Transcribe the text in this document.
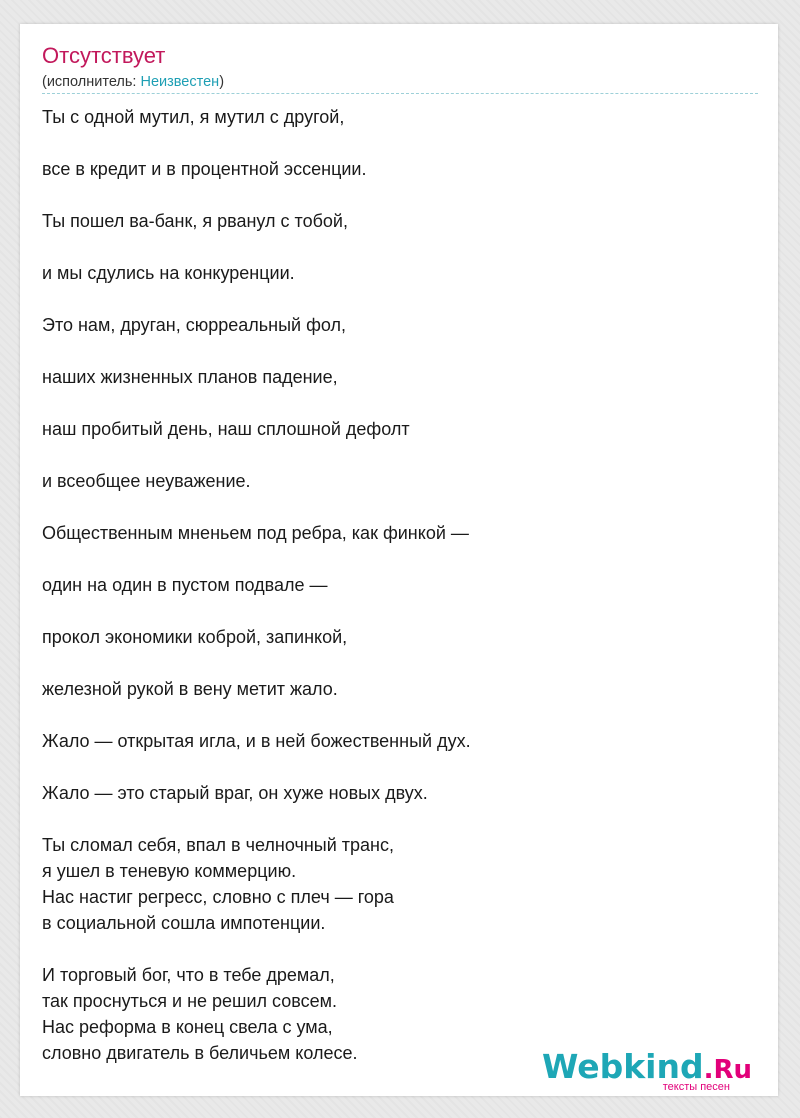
Отсутствует
(исполнитель: Неизвестен)
Ты с одной мутил, я мутил с другой,
все в кредит и в процентной эссенции.
Ты пошел ва-банк, я рванул с тобой,
и мы сдулись на конкуренции.
Это нам, друган, сюрреальный фол,
наших жизненных планов падение,
наш пробитый день, наш сплошной дефолт
и всеобщее неуважение.
Общественным мненьем под ребра, как финкой —
один на один в пустом подвале —
прокол экономики коброй, запинкой,
железной рукой в вену метит жало.
Жало — открытая игла, и в ней божественный дух.
Жало — это старый враг, он хуже новых двух.
Ты сломал себя, впал в челночный транс,
я ушел в теневую коммерцию.
Нас настиг регресс, словно с плеч — гора
в социальной сошла импотенции.
И торговый бог, что в тебе дремал,
так проснуться и не решил совсем.
Нас реформа в конец свела с ума,
словно двигатель в беличьем колесе.	Webkind.Ru
тексты песен
